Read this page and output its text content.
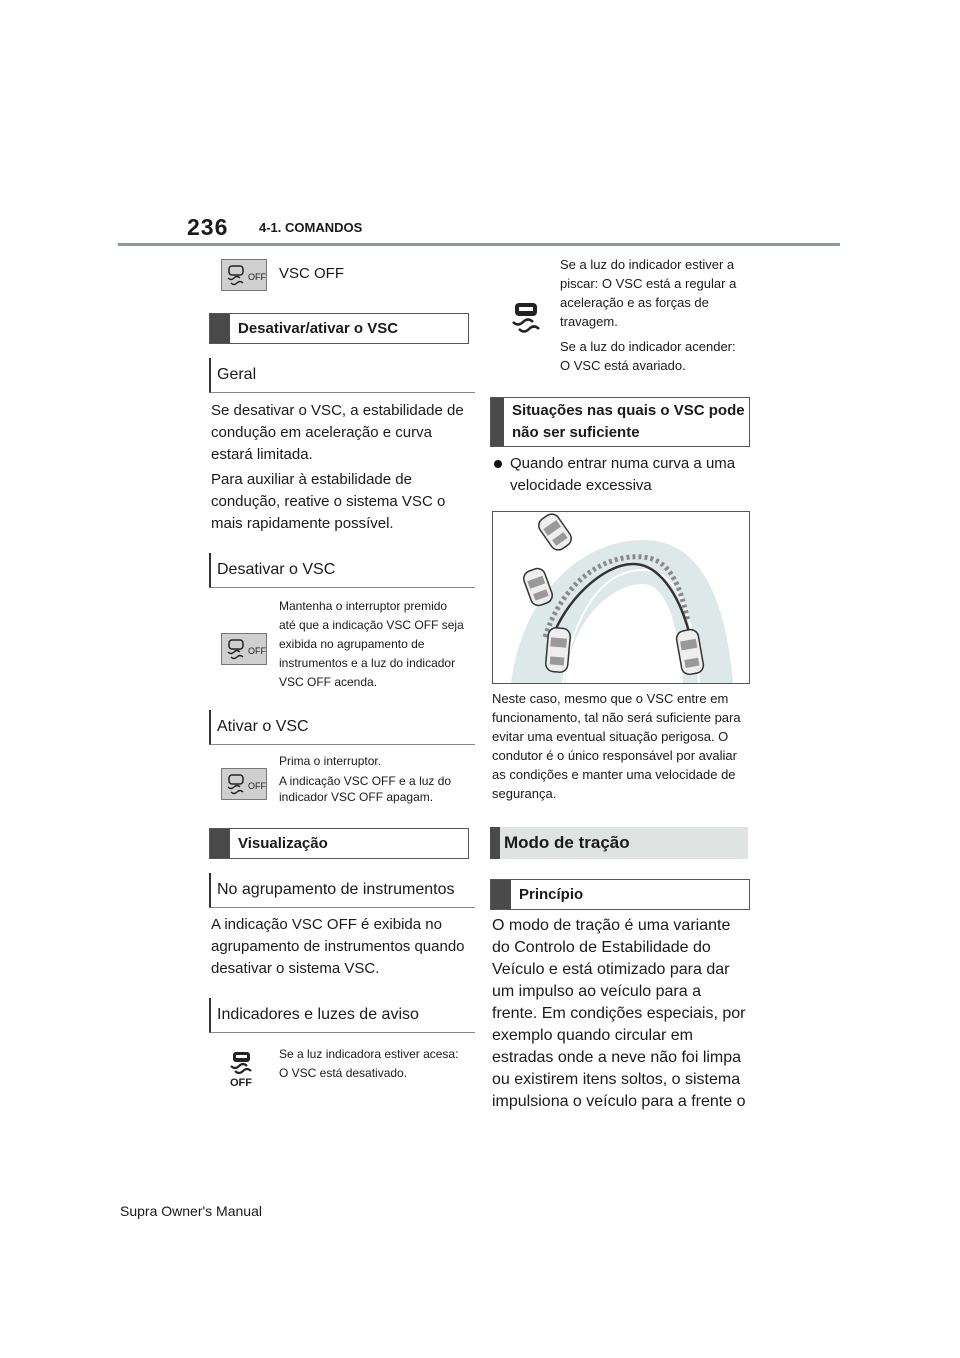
236 4-1. COMANDOS
OFF VSC OFF
Desativar/ativar o VSC
Geral
Se desativar o VSC, a estabilidade de condução em aceleração e curva estará limitada.
Para auxiliar à estabilidade de condução, reative o sistema VSC o mais rapidamente possível.
Desativar o VSC
OFF
Mantenha o interruptor premido até que a indicação VSC OFF seja exibida no agrupamento de instrumentos e a luz do indicador VSC OFF acenda.
Ativar o VSC
OFF
Prima o interruptor.
A indicação VSC OFF e a luz do indicador VSC OFF apagam.
Visualização
No agrupamento de instrumentos
A indicação VSC OFF é exibida no agrupamento de instrumentos quando desativar o sistema VSC.
Indicadores e luzes de aviso
OFF
Se a luz indicadora estiver acesa: O VSC está desativado.
Se a luz do indicador estiver a piscar: O VSC está a regular a aceleração e as forças de travagem.
Se a luz do indicador acender: O VSC está avariado.
Situações nas quais o VSC pode não ser suficiente
Quando entrar numa curva a uma velocidade excessiva
Neste caso, mesmo que o VSC entre em funcionamento, tal não será suficiente para evitar uma eventual situação perigosa. O condutor é o único responsável por avaliar as condições e manter uma velocidade de segurança.
Modo de tração
Princípio
O modo de tração é uma variante do Controlo de Estabilidade do Veículo e está otimizado para dar um impulso ao veículo para a frente. Em condições especiais, por exemplo quando circular em estradas onde a neve não foi limpa ou existirem itens soltos, o sistema impulsiona o veículo para a frente o
Supra Owner's Manual
